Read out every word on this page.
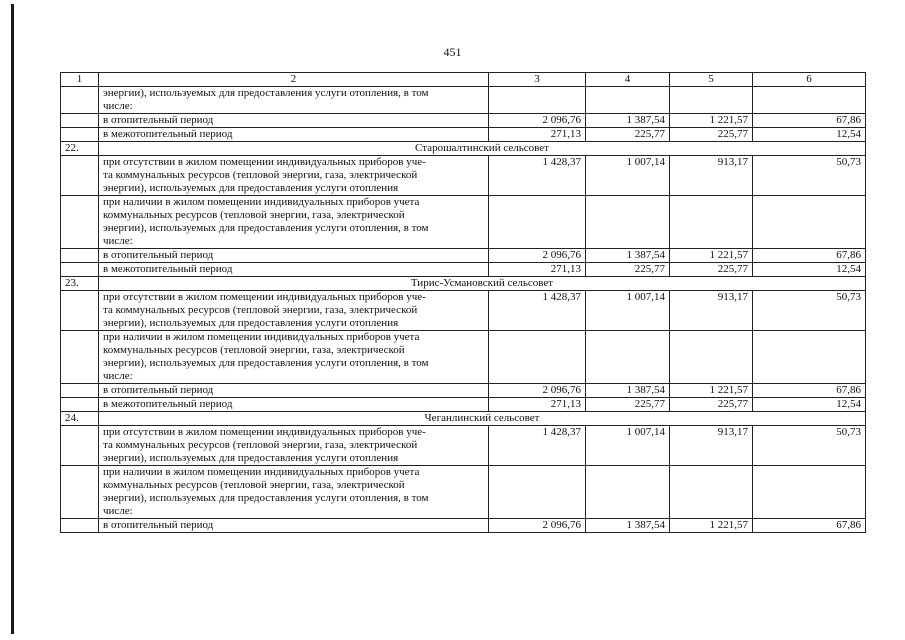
451
1	2	3	4	5	6

	энергии), используемых для предоставления услуги отопления, в том
числе:				

	в отопительный период	2 096,76	1 387,54	1 221,57	67,86
	в межотопительный период	271,13	225,77	225,77	12,54
22.	Старошалтинский сельсовет				

	при отсутствии в жилом помещении индивидуальных приборов уче-
та коммунальных ресурсов (тепловой энергии, газа, электрической
энергии), используемых для предоставления услуги отопления	1 428,37	1 007,14	913,17	50,73

	при наличии в жилом помещении индивидуальных приборов учета
коммунальных ресурсов (тепловой энергии, газа, электрической
энергии), используемых для предоставления услуги отопления, в том
числе:				

	в отопительный период	2 096,76	1 387,54	1 221,57	67,86
	в межотопительный период	271,13	225,77	225,77	12,54
23.	Тирис-Усмановский сельсовет				

	при отсутствии в жилом помещении индивидуальных приборов уче-
та коммунальных ресурсов (тепловой энергии, газа, электрической
энергии), используемых для предоставления услуги отопления	1 428,37	1 007,14	913,17	50,73

	при наличии в жилом помещении индивидуальных приборов учета
коммунальных ресурсов (тепловой энергии, газа, электрической
энергии), используемых для предоставления услуги отопления, в том
числе:				

	в отопительный период	2 096,76	1 387,54	1 221,57	67,86
	в межотопительный период	271,13	225,77	225,77	12,54
24.	Чеганлинский сельсовет				

	при отсутствии в жилом помещении индивидуальных приборов уче-
та коммунальных ресурсов (тепловой энергии, газа, электрической
энергии), используемых для предоставления услуги отопления	1 428,37	1 007,14	913,17	50,73

	при наличии в жилом помещении индивидуальных приборов учета
коммунальных ресурсов (тепловой энергии, газа, электрической
энергии), используемых для предоставления услуги отопления, в том
числе:				

	в отопительный период	2 096,76	1 387,54	1 221,57	67,86
